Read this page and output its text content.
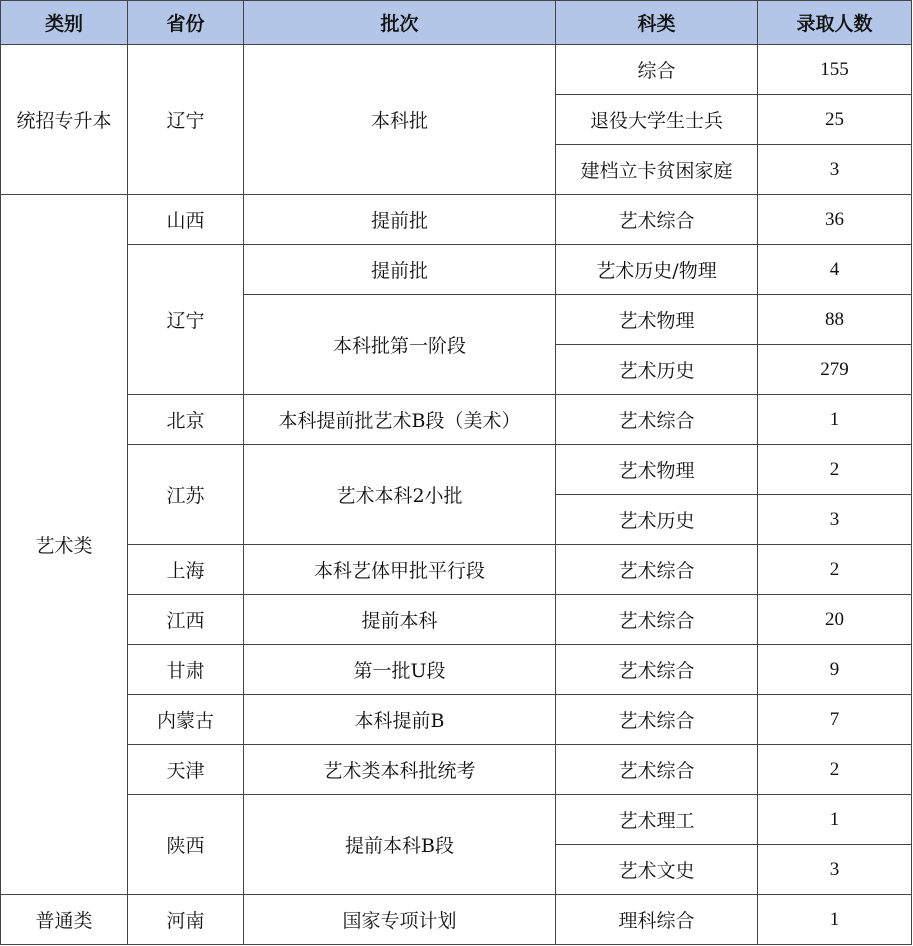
类别	省份	批次	科类	录取人数
统招专升本	辽宁	本科批	综合	155
			退役大学生士兵	25
			建档立卡贫困家庭	3
艺术类	山西	提前批	艺术综合	36
	辽宁	提前批	艺术历史/物理	4
		本科批第一阶段	艺术物理	88
			艺术历史	279
	北京	本科提前批艺术B段（美术）	艺术综合	1
	江苏	艺术本科2小批	艺术物理	2
			艺术历史	3
	上海	本科艺体甲批平行段	艺术综合	2
	江西	提前本科	艺术综合	20
	甘肃	第一批U段	艺术综合	9
	内蒙古	本科提前B	艺术综合	7
	天津	艺术类本科批统考	艺术综合	2
	陕西	提前本科B段	艺术理工	1
			艺术文史	3
普通类	河南	国家专项计划	理科综合	1
